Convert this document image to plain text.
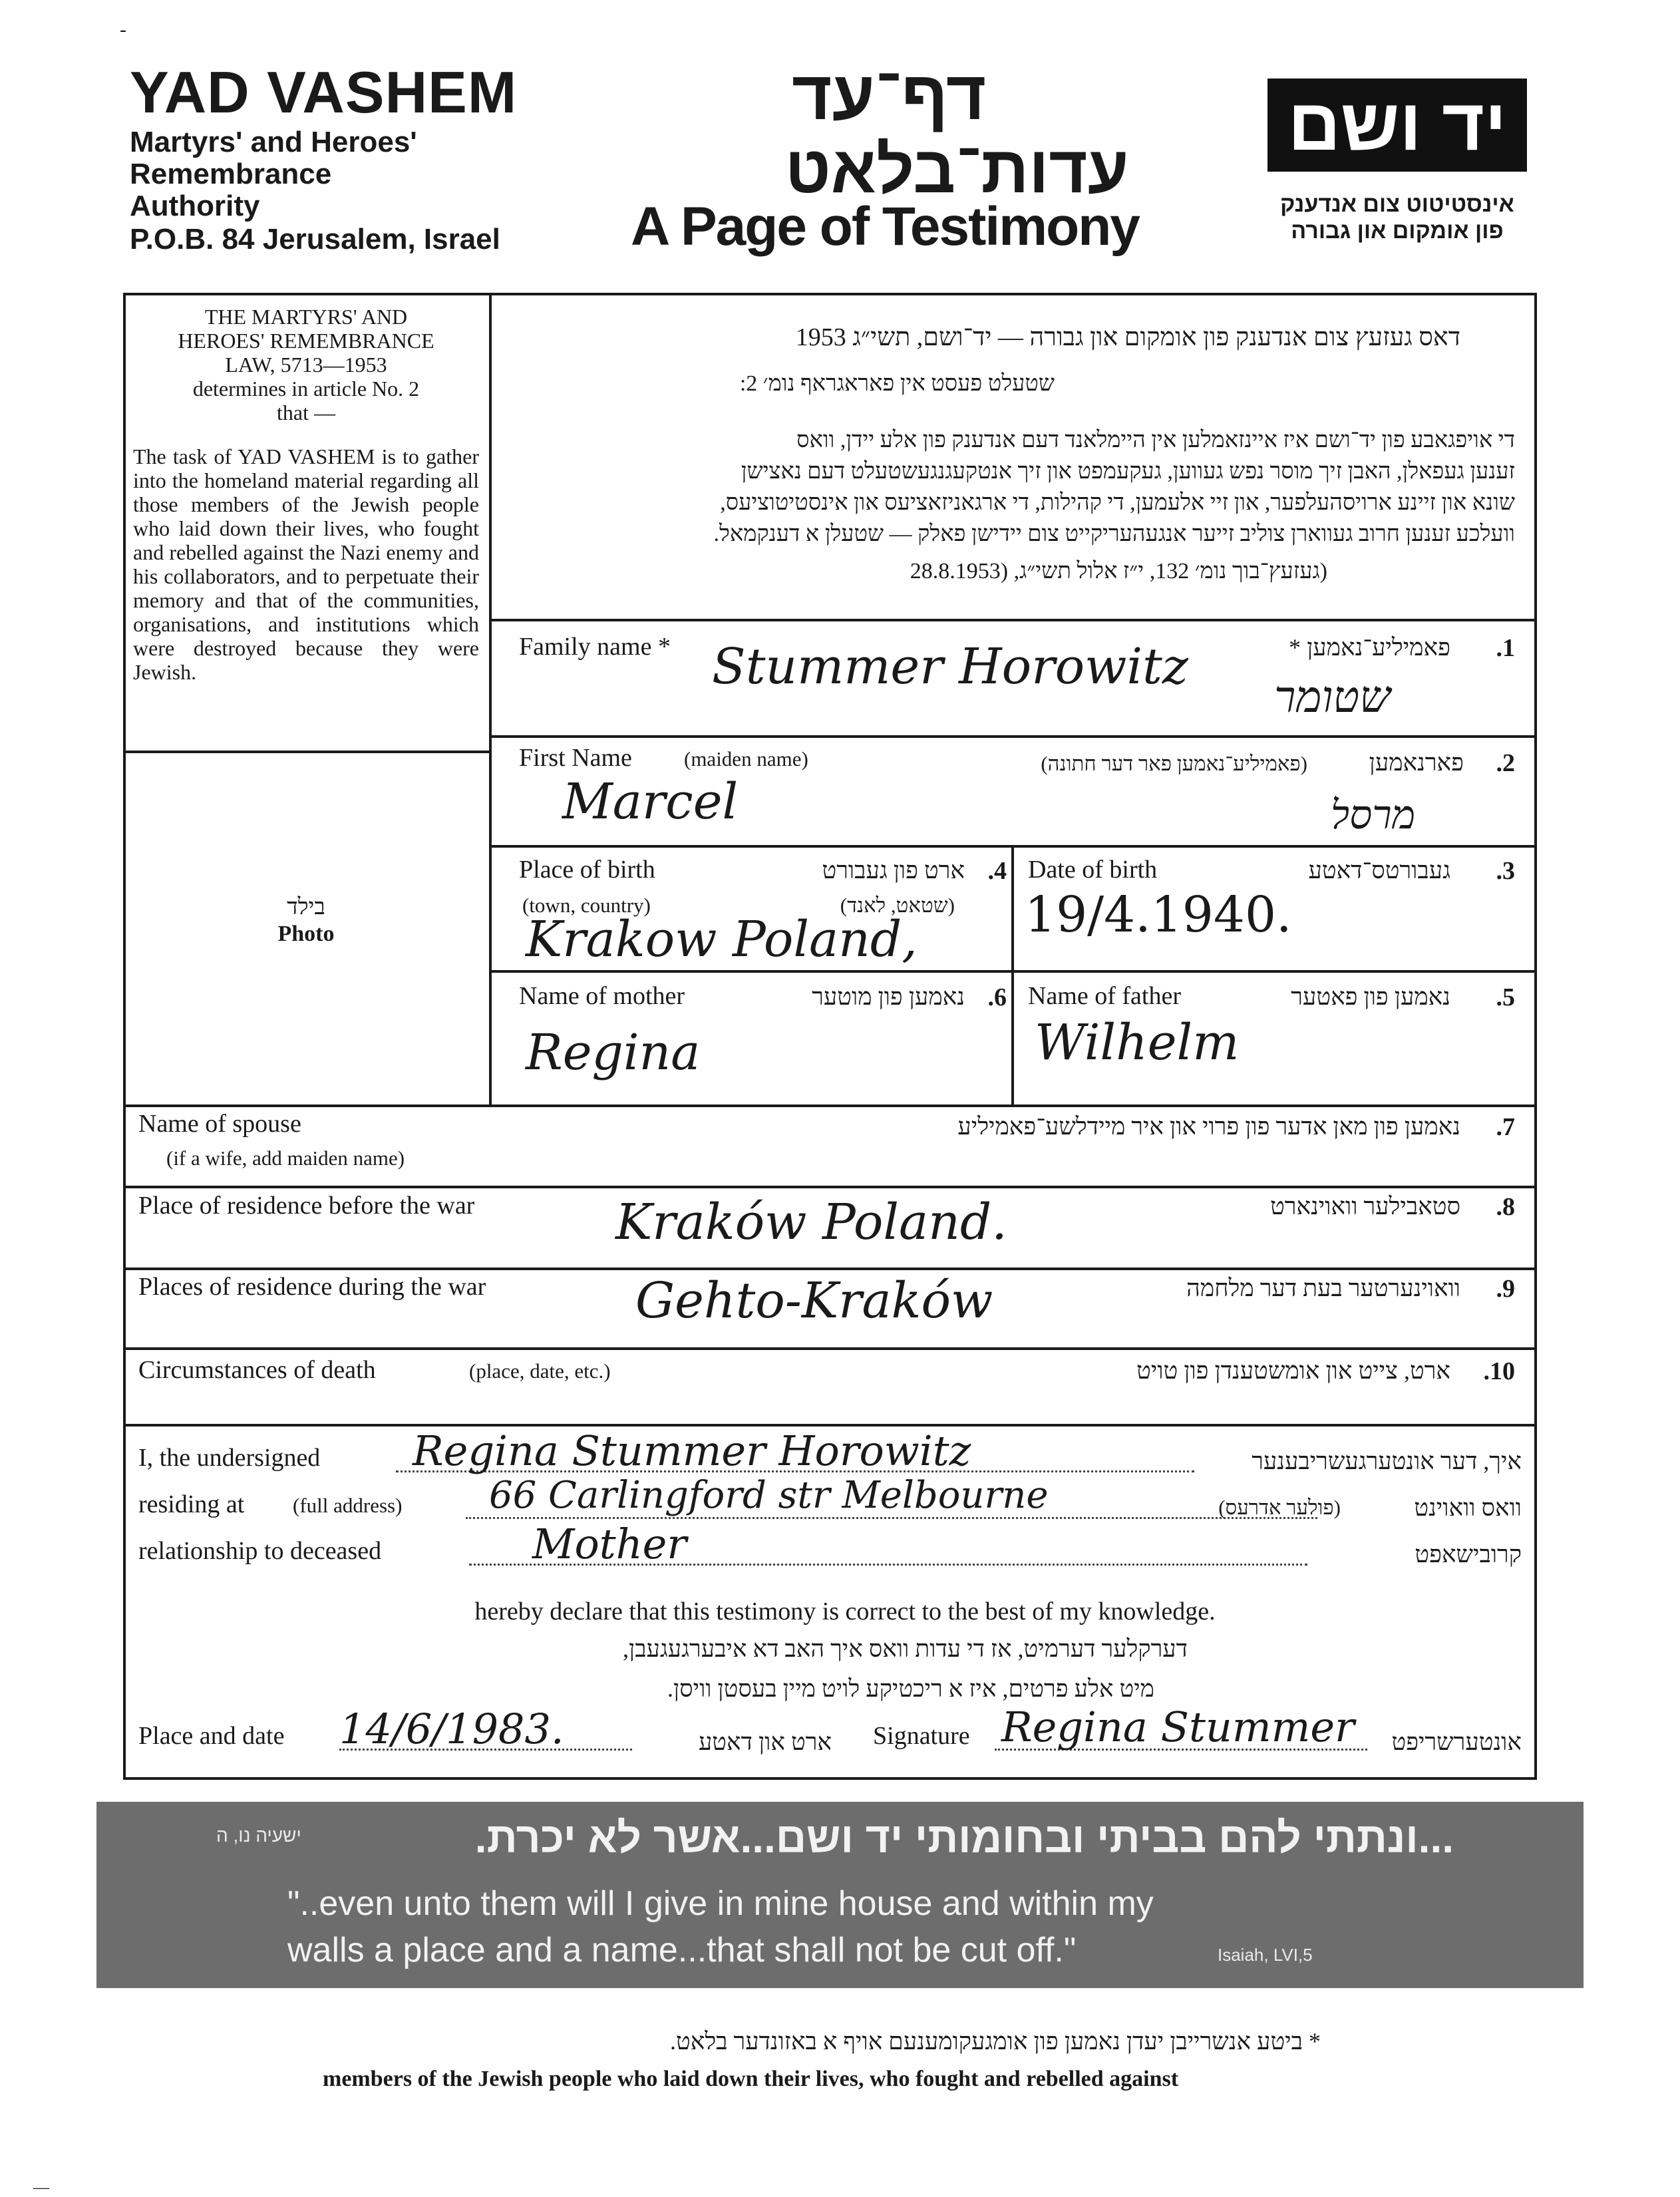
-
YAD VASHEM
Martyrs' and Heroes'
Remembrance
Authority
P.O.B. 84 Jerusalem, Israel
דף־עד
עדות־בלאט
A Page of Testimony
יד ושם
אינסטיטוט צום אנדענק
פון אומקום און גבורה
THE MARTYRS' AND
HEROES' REMEMBRANCE
LAW, 5713—1953
determines in article No. 2
that —
The task of YAD VASHEM is to gather into the homeland material regarding all those members of the Jewish people who laid down their lives, who fought and rebelled against the Nazi enemy and his collaborators, and to perpetuate their memory and that of the communities, organisations, and institutions which were destroyed because they were Jewish.
בילד
Photo
דאס געזעץ צום אנדענק פון אומקום און גבורה — יד־ושם, תשי״ג 1953
שטעלט פעסט אין פאראגראף נומ׳ 2:
די אויפגאבע פון יד־ושם איז איינזאמלען אין היימלאנד דעם אנדענק פון אלע יידן, וואס
זענען געפאלן, האבן זיך מוסר נפש געווען, געקעמפט און זיך אנטקעגנגעשטעלט דעם נאצישן
שונא און זיינע ארויסהעלפער, און זיי אלעמען, די קהילות, די ארגאניזאציעס און אינסטיטוציעס,
וועלכע זענען חרוב געווארן צוליב זייער אנגעהעריקייט צום יידישן פאלק — שטעלן א דענקמאל.
(געזעץ־בוך נומ׳ 132, י״ז אלול תשי״ג, (28.8.1953
Family name *	פאמיליע־נאמען * .1
Stummer Horowitz
שטומר
First Name	(maiden name)	(פאמיליע־נאמען פאר דער חתונה)	פארנאמען .2
Marcel	מרסל
Place of birth	ארט פון געבורט .4
(town, country)	(שטאט, לאנד)
Krakow Poland,
Date of birth	געבורטס־דאטע .3
19/4.1940.
Name of mother	נאמען פון מוטער .6
Regina
Name of father	נאמען פון פאטער .5
Wilhelm
Name of spouse
(if a wife, add maiden name)
נאמען פון מאן אדער פון פרוי און איר מיידלשע־פאמיליע .7
Place of residence before the war	סטאבילער וואוינארט .8
Kraków Poland.
Places of residence during the war	וואוינערטער בעת דער מלחמה .9
Gehto-Kraków
Circumstances of death	(place, date, etc.)	ארט, צייט און אומשטענדן פון טויט .10
I, the undersigned Regina Stummer Horowitz	איך, דער אונטערגעשריבענער
residing at (full address) 66 Carlingford str Melbourne	(פולער אדרעס)	וואס וואוינט
relationship to deceased	Mother	קרובישאפט
hereby declare that this testimony is correct to the best of my knowledge.
דערקלער דערמיט, אז די עדות וואס איך האב דא איבערגעגעבן,
מיט אלע פרטים, איז א ריכטיקע לויט מיין בעסטן וויסן.
Place and date 14/6/1983.	ארט און דאטע Signature Regina Stummer אונטערשריפט
...ונתתי להם בביתי ובחומותי יד ושם...אשר לא יכרת.
ישעיה נו, ה
"..even unto them will I give in mine house and within my
walls a place and a name...that shall not be cut off."	Isaiah, LVI,5
* ביטע אנשרייבן יעדן נאמען פון אומגעקומענעם אויף א באזונדער בלאט.
members of the Jewish people who laid down their lives, who fought and rebelled against
—
